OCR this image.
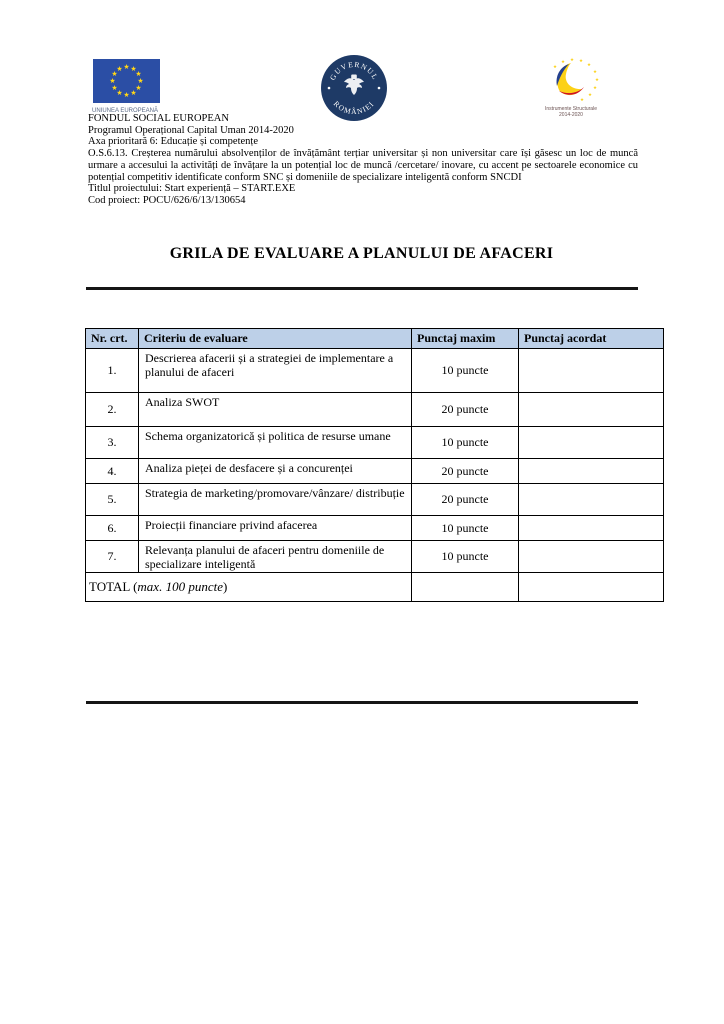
★ ★
★
★
★
★
★
★
★
★
★
★
UNIUNEA EUROPEANĂ
GUVERNUL
ROMÂNIEI
★
★ ★ ★
★
★
★
★
★
★
Instrumente Structurale
2014-2020
FONDUL SOCIAL EUROPEAN
Programul Operațional Capital Uman 2014-2020
Axa prioritară 6: Educație și competențe
O.S.6.13. Creșterea numărului absolvenților de învățământ terțiar universitar și non universitar care își găsesc un loc de muncă urmare a accesului la activități de învățare la un potențial loc de muncă /cercetare/ inovare, cu accent pe sectoarele economice cu potențial competitiv identificate conform SNC și domeniile de specializare inteligentă conform SNCDI
Titlul proiectului: Start experiență – START.EXE
Cod proiect: POCU/626/6/13/130654
GRILA DE EVALUARE A PLANULUI DE AFACERI
Nr. crt.	Criteriu de evaluare	Punctaj maxim	Punctaj acordat
1.	Descrierea afacerii și a strategiei de implementare a planului de afaceri	10 puncte	
2.	Analiza SWOT	20 puncte	
3.	Schema organizatorică și politica de resurse umane	10 puncte	
4.	Analiza pieței de desfacere și a concurenței	20 puncte	
5.	Strategia de marketing/promovare/vânzare/ distribuție	20 puncte	
6.	Proiecții financiare privind afacerea	10 puncte	
7.	Relevanța planului de afaceri pentru domeniile de specializare inteligentă	10 puncte	
TOTAL (max. 100 puncte)			
